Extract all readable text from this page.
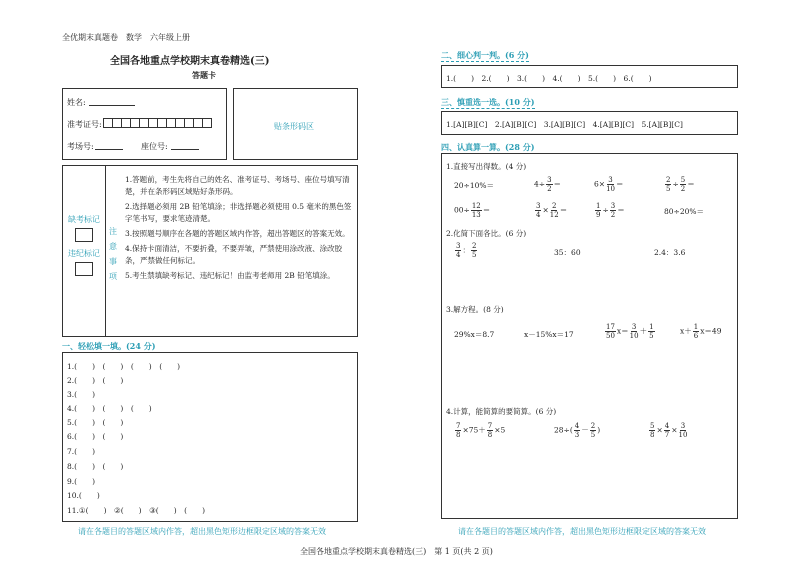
全优期末真题卷　数学　六年级上册
全国各地重点学校期末真卷精选(三)
答题卡
姓名:
准考证号:
考场号:	座位号:
贴条形码区
缺考标记
违纪标记
注
意
事
项

1.答题前，考生先将自己的姓名、准考证号、考场号、座位号填写清楚，并在条形码区域贴好条形码。

2.选择题必须用 2B 铅笔填涂；非选择题必须使用 0.5 毫米的黑色签字笔书写，要求笔迹清楚。

3.按照题号顺序在各题的答题区域内作答，超出答题区的答案无效。

4.保持卡面清洁，不要折叠，不要弄皱，严禁使用涂改液、涂改胶条，严禁做任何标记。

5.考生禁填缺考标记、违纪标记！由监考老师用 2B 铅笔填涂。

一、轻松填一填。(24 分)
1.(　　)　(　　)　(　　)　(　　)
2.(　　)　(　　)
3.(　　)
4.(　　)　(　　)　(　　)
5.(　　)　(　　)
6.(　　)　(　　)
7.(　　)
8.(　　)　(　　)
9.(　　)
10.(　　)
11.①(　　)　②(　　)　③(　　)　(　　)
请在各题目的答题区域内作答，超出黑色矩形边框限定区域的答案无效
二、细心判一判。(6 分)
1.(　　)　2.(　　)　3.(　　)　4.(　　)　5.(　　)　6.(　　)
三、慎重选一选。(10 分)
1.[A][B][C]　2.[A][B][C]　3.[A][B][C]　4.[A][B][C]　5.[A][B][C]
四、认真算一算。(28 分)
1.直接写出得数。(4 分)
20÷10%＝	$4\div \frac{3}{2}$ ＝	$6\times \frac{3}{10}$ ＝	$\frac{2}{5} \div \frac{5}{2}$ ＝
$00\div \frac{12}{13}$ ＝	$\frac{3}{4} \times \frac{2}{12}$ ＝	$\frac{1}{9} \div \frac{3}{2}$ ＝	80÷20%＝
2.化简下面各比。(6 分)
$\frac{3}{4}$ ： $\frac{2}{5}$	35：60	2.4：3.6
3.解方程。(8 分)
29%x＝8.7	x－15%x＝17	$\frac{17}{50} x= \frac{3}{10} + \frac{1}{5}$	$x+ \frac{1}{6} x=49$
4.计算，能简算的要简算。(6 分)
$\frac{7}{8} \times 75+ \frac{7}{8} \times 5$	$28\div( \frac{4}{3} - \frac{2}{5}$ )	$\frac{5}{8} \times \frac{4}{7} \times \frac{3}{10}$
请在各题目的答题区域内作答，超出黑色矩形边框限定区域的答案无效
全国各地重点学校期末真卷精选(三)　第 1 页(共 2 页)
